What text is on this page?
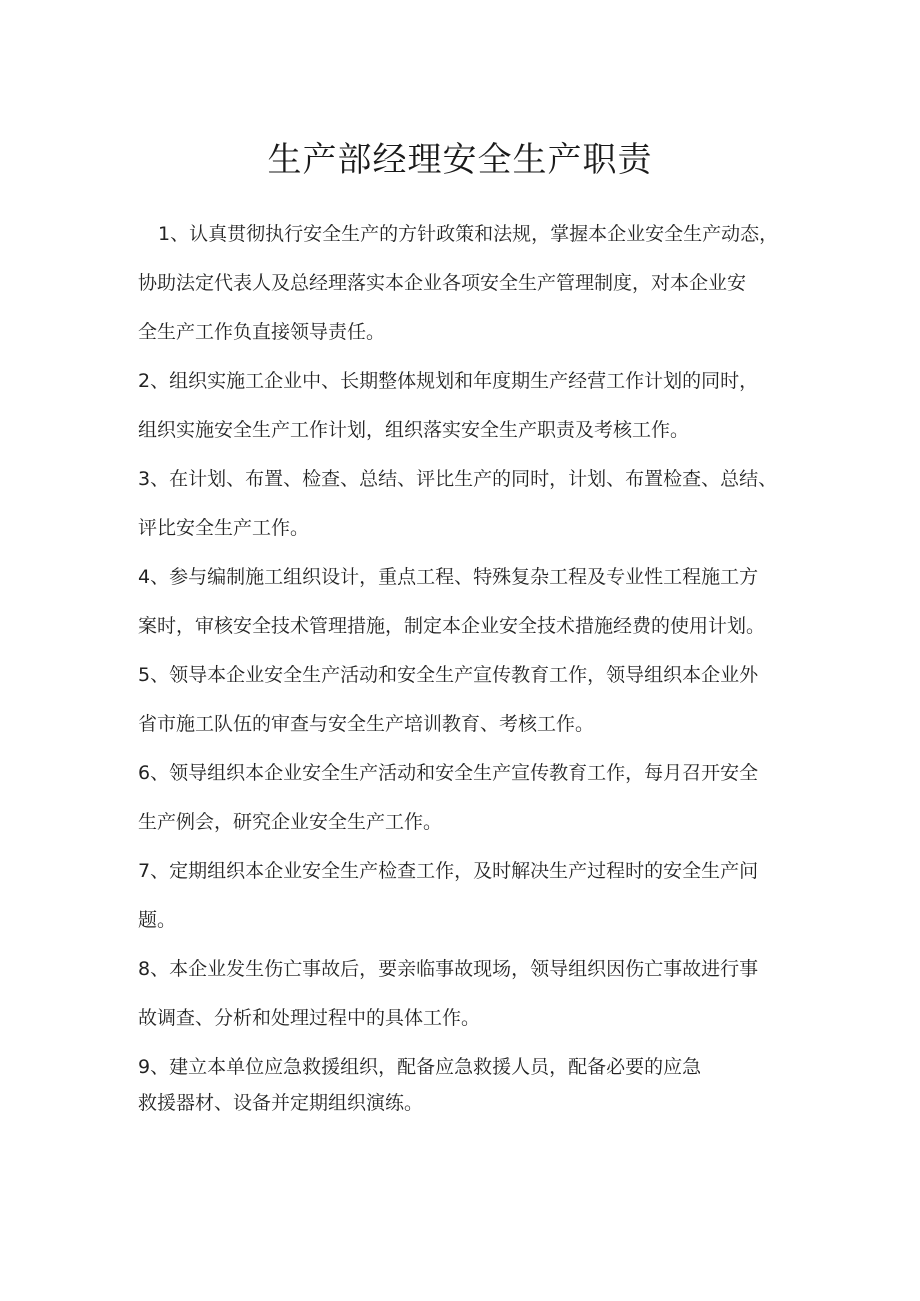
生产部经理安全生产职责

1、认真贯彻执行安全生产的方针政策和法规，掌握本企业安全生产动态，

协助法定代表人及总经理落实本企业各项安全生产管理制度，对本企业安

全生产工作负直接领导责任。

2、组织实施工企业中、长期整体规划和年度期生产经营工作计划的同时，

组织实施安全生产工作计划，组织落实安全生产职责及考核工作。

3、在计划、布置、检查、总结、评比生产的同时，计划、布置检查、总结、

评比安全生产工作。

4、参与编制施工组织设计，重点工程、特殊复杂工程及专业性工程施工方

案时，审核安全技术管理措施，制定本企业安全技术措施经费的使用计划。

5、领导本企业安全生产活动和安全生产宣传教育工作，领导组织本企业外

省市施工队伍的审查与安全生产培训教育、考核工作。

6、领导组织本企业安全生产活动和安全生产宣传教育工作，每月召开安全

生产例会，研究企业安全生产工作。

7、定期组织本企业安全生产检查工作，及时解决生产过程时的安全生产问

题。

8、本企业发生伤亡事故后，要亲临事故现场，领导组织因伤亡事故进行事

故调查、分析和处理过程中的具体工作。

9、建立本单位应急救援组织，配备应急救援人员，配备必要的应急

救援器材、设备并定期组织演练。
